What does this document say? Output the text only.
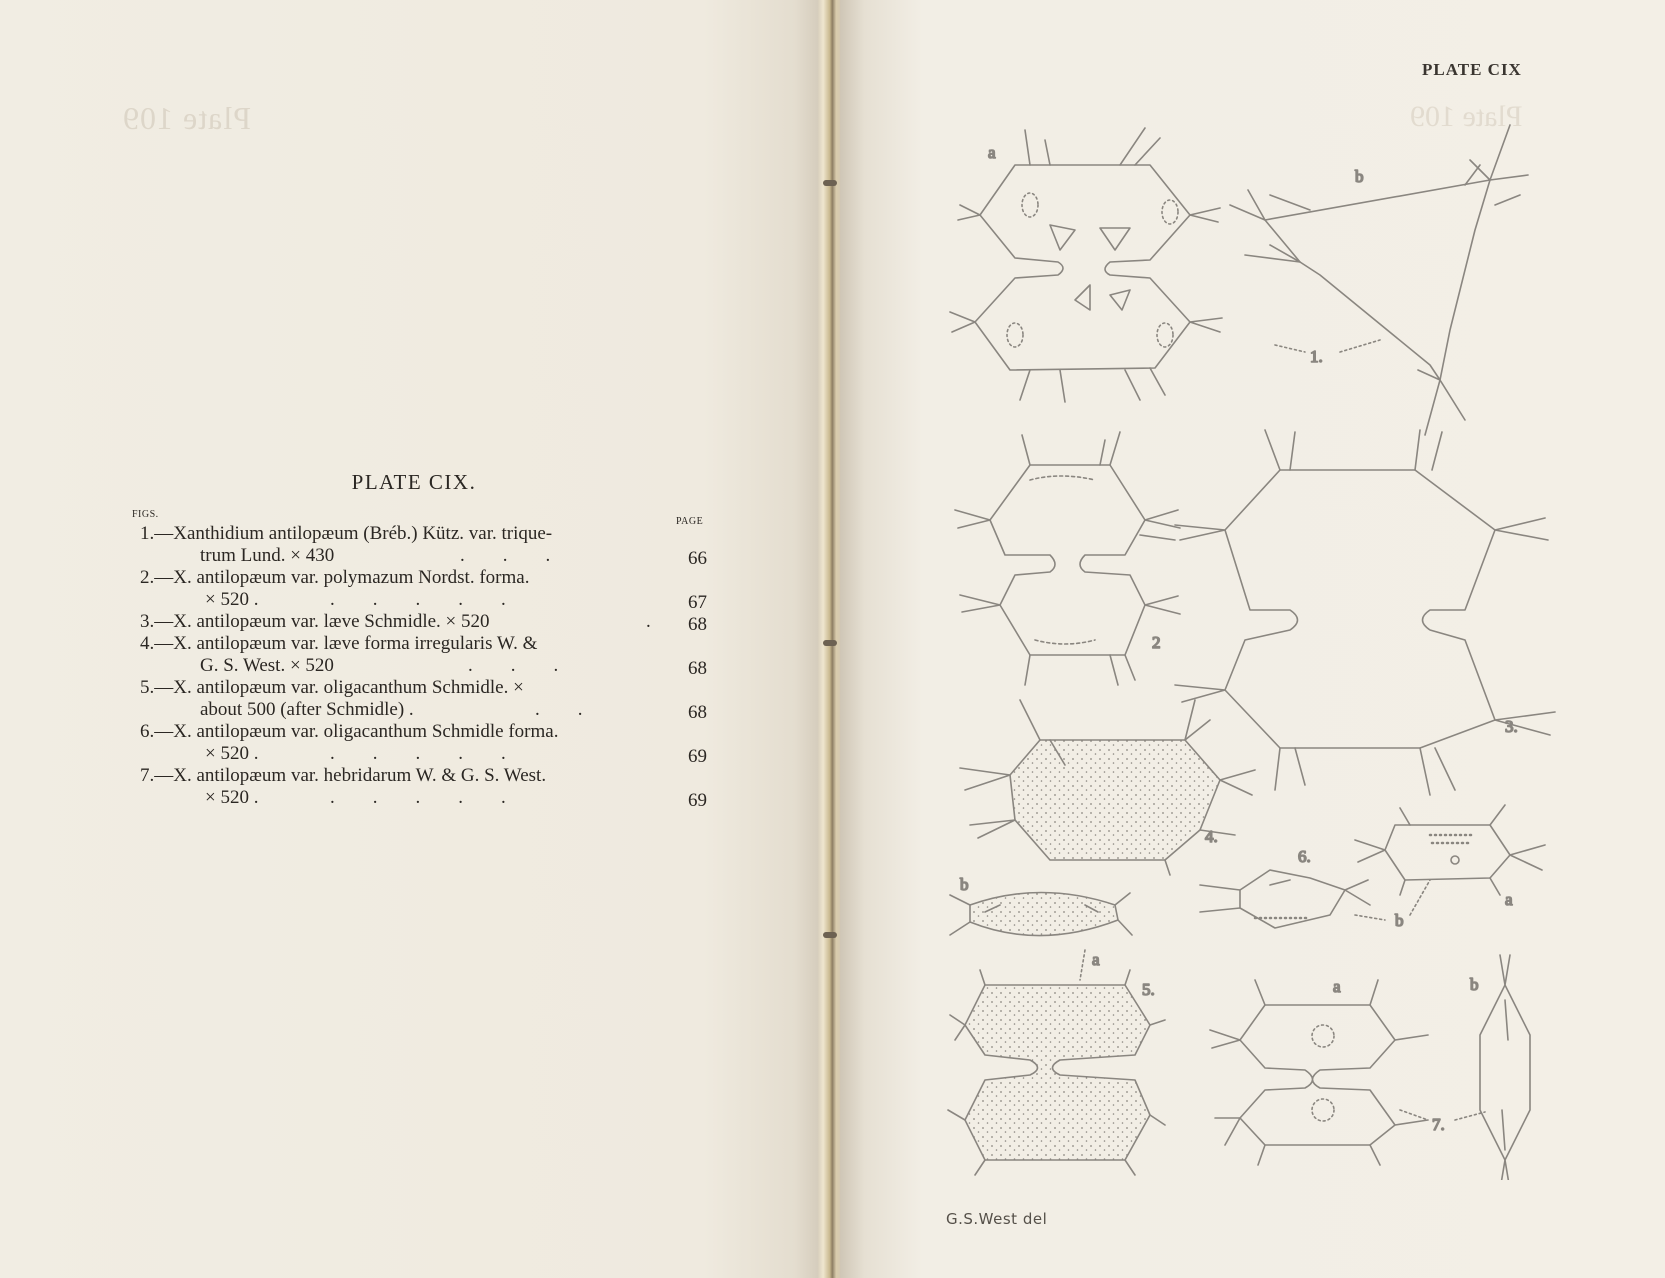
Plate 109
PLATE CIX.
FIGS.
PAGE
1.—Xanthidium antilopæum (Bréb.) Kütz. var. trique-
trum Lund. × 430	.        .        .	66
2.—X. antilopæum var. polymazum Nordst. forma.
× 520 .	.        .        .        .        .	67
3.—X. antilopæum var. læve Schmidle. × 520	. 68
4.—X. antilopæum var. læve forma irregularis W. &
G. S. West. × 520	.        .        .	68
5.—X. antilopæum var. oligacanthum Schmidle. ×
about 500 (after Schmidle) .	.        .	68
6.—X. antilopæum var. oligacanthum Schmidle forma.
× 520 .	.        .        .        .        .	69
7.—X. antilopæum var. hebridarum W. & G. S. West.
× 520 .	.        .        .        .        .	69
Plate 109
PLATE CIX
a
b
1.
2
3.
4.
b
a
6.
b
5.
a
a	b
7.
G.S.West del
